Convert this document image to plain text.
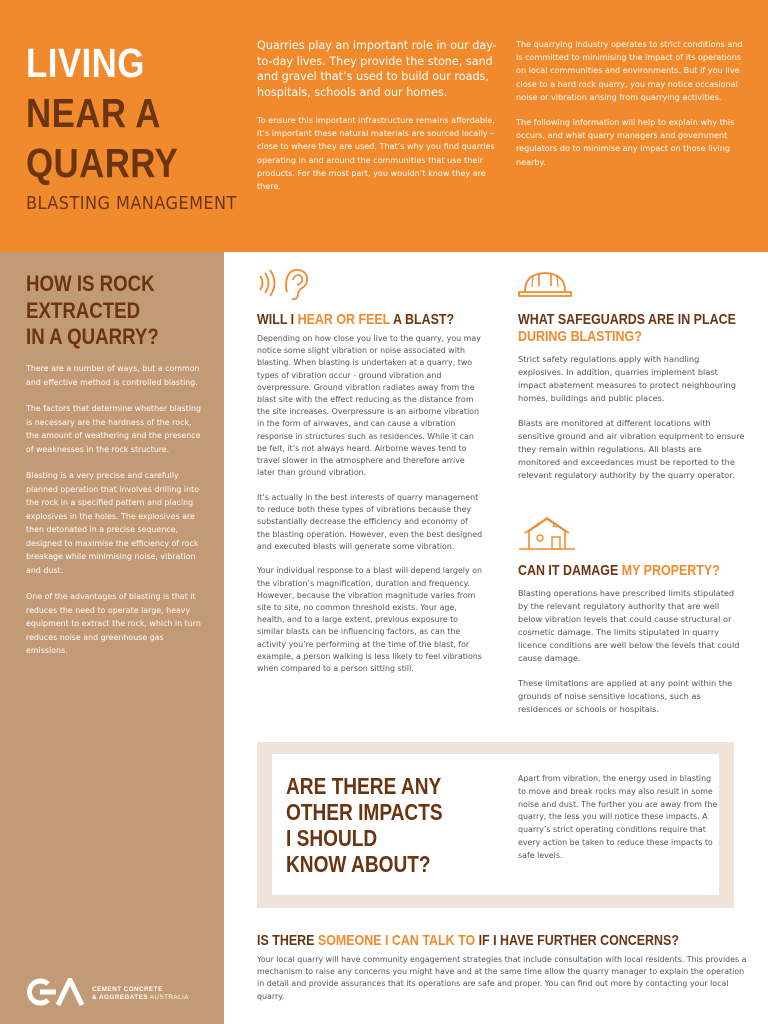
LIVING
NEAR A
QUARRY
BLASTING MANAGEMENT
Quarries play an important role in our day-to-day lives. They provide the stone, sand and gravel that’s used to build our roads, hospitals, schools and our homes.
To ensure this important infrastructure remains affordable, it’s important these natural materials are sourced locally – close to where they are used. That’s why you find quarries operating in and around the communities that use their products. For the most part, you wouldn’t know they are there.

The quarrying industry operates to strict conditions and is committed to minimising the impact of its operations on local communities and environments. But if you live close to a hard rock quarry, you may notice occasional noise or vibration arising from quarrying activities.

The following information will help to explain why this occurs, and what quarry managers and government regulators do to minimise any impact on those living nearby.

HOW IS ROCK
EXTRACTED
IN A QUARRY?

There are a number of ways, but a common and effective method is controlled blasting.

The factors that determine whether blasting is necessary are the hardness of the rock, the amount of weathering and the presence of weaknesses in the rock structure.

Blasting is a very precise and carefully planned operation that involves drilling into the rock in a specified pattern and placing explosives in the holes. The explosives are then detonated in a precise sequence, designed to maximise the efficiency of rock breakage while minimising noise, vibration and dust.

One of the advantages of blasting is that it reduces the need to operate large, heavy equipment to extract the rock, which in turn reduces noise and greenhouse gas emissions.

CEMENT CONCRETE
& AGGREGATES AUSTRALIA
WILL I HEAR OR FEEL A BLAST?

Depending on how close you live to the quarry, you may notice some slight vibration or noise associated with blasting. When blasting is undertaken at a quarry, two types of vibration occur - ground vibration and overpressure. Ground vibration radiates away from the blast site with the effect reducing as the distance from the site increases. Overpressure is an airborne vibration in the form of airwaves, and can cause a vibration response in structures such as residences. While it can be felt, it’s not always heard. Airborne waves tend to travel slower in the atmosphere and therefore arrive later than ground vibration.

It’s actually in the best interests of quarry management to reduce both these types of vibrations because they substantially decrease the efficiency and economy of the blasting operation. However, even the best designed and executed blasts will generate some vibration.

Your individual response to a blast will depend largely on the vibration’s magnification, duration and frequency. However, because the vibration magnitude varies from site to site, no common threshold exists. Your age, health, and to a large extent, previous exposure to similar blasts can be influencing factors, as can the activity you’re performing at the time of the blast, for example, a person walking is less likely to feel vibrations when compared to a person sitting still.

WHAT SAFEGUARDS ARE IN PLACE
DURING BLASTING?

Strict safety regulations apply with handling explosives. In addition, quarries implement blast impact abatement measures to protect neighbouring homes, buildings and public places.

Blasts are monitored at different locations with sensitive ground and air vibration equipment to ensure they remain within regulations. All blasts are monitored and exceedances must be reported to the relevant regulatory authority by the quarry operator.

CAN IT DAMAGE MY PROPERTY?

Blasting operations have prescribed limits stipulated by the relevant regulatory authority that are well below vibration levels that could cause structural or cosmetic damage. The limits stipulated in quarry licence conditions are well below the levels that could cause damage.

These limitations are applied at any point within the grounds of noise sensitive locations, such as residences or schools or hospitals.

ARE THERE ANY
OTHER IMPACTS
I SHOULD
KNOW ABOUT?
Apart from vibration, the energy used in blasting to move and break rocks may also result in some noise and dust. The further you are away from the quarry, the less you will notice these impacts. A quarry’s strict operating conditions require that every action be taken to reduce these impacts to safe levels.
IS THERE SOMEONE I CAN TALK TO IF I HAVE FURTHER CONCERNS?
Your local quarry will have community engagement strategies that include consultation with local residents. This provides a mechanism to raise any concerns you might have and at the same time allow the quarry manager to explain the operation in detail and provide assurances that its operations are safe and proper. You can find out more by contacting your local quarry.
